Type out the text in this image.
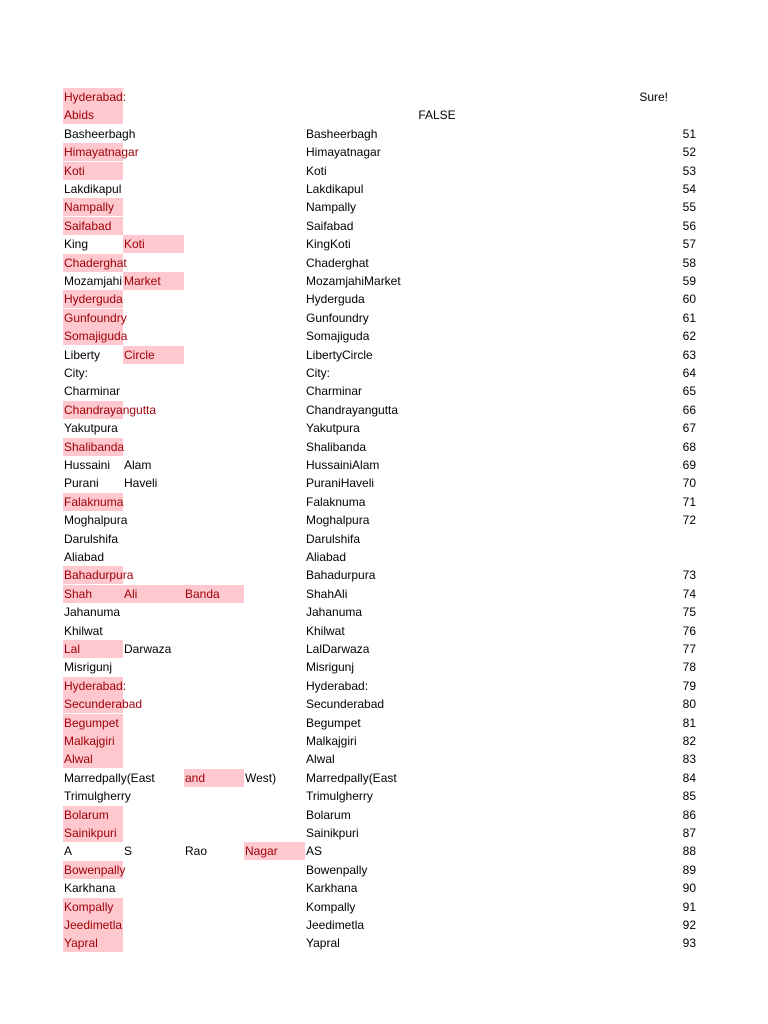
Sure!
FALSE
Hyderabad:
Abids
Basheerbagh	Basheerbagh	51
Himayatnagar	Himayatnagar	52
Koti	Koti	53
Lakdikapul	Lakdikapul	54
Nampally	Nampally	55
Saifabad	Saifabad	56
King	Koti	KingKoti	57
Chaderghat	Chaderghat	58
Mozamjahi Market	MozamjahiMarket	59
Hyderguda	Hyderguda	60
Gunfoundry	Gunfoundry	61
Somajiguda	Somajiguda	62
Liberty	Circle	LibertyCircle	63
City:	City:	64
Charminar	Charminar	65
Chandrayangutta	Chandrayangutta	66
Yakutpura	Yakutpura	67
Shalibanda	Shalibanda	68
Hussaini	Alam	HussainiAlam	69
Purani	Haveli	PuraniHaveli	70
Falaknuma	Falaknuma	71
Moghalpura	Moghalpura	72
Darulshifa	Darulshifa
Aliabad	Aliabad
Bahadurpura	Bahadurpura	73
Shah	Ali	Banda	ShahAli	74
Jahanuma	Jahanuma	75
Khilwat	Khilwat	76
Lal	Darwaza	LalDarwaza	77
Misrigunj	Misrigunj	78
Hyderabad:	Hyderabad:	79
Secunderabad	Secunderabad	80
Begumpet	Begumpet	81
Malkajgiri	Malkajgiri	82
Alwal	Alwal	83
Marredpally(East	and	West)	Marredpally(East	84
Trimulgherry	Trimulgherry	85
Bolarum	Bolarum	86
Sainikpuri	Sainikpuri	87
A	S	Rao	Nagar	AS	88
Bowenpally	Bowenpally	89
Karkhana	Karkhana	90
Kompally	Kompally	91
Jeedimetla	Jeedimetla	92
Yapral	Yapral	93
